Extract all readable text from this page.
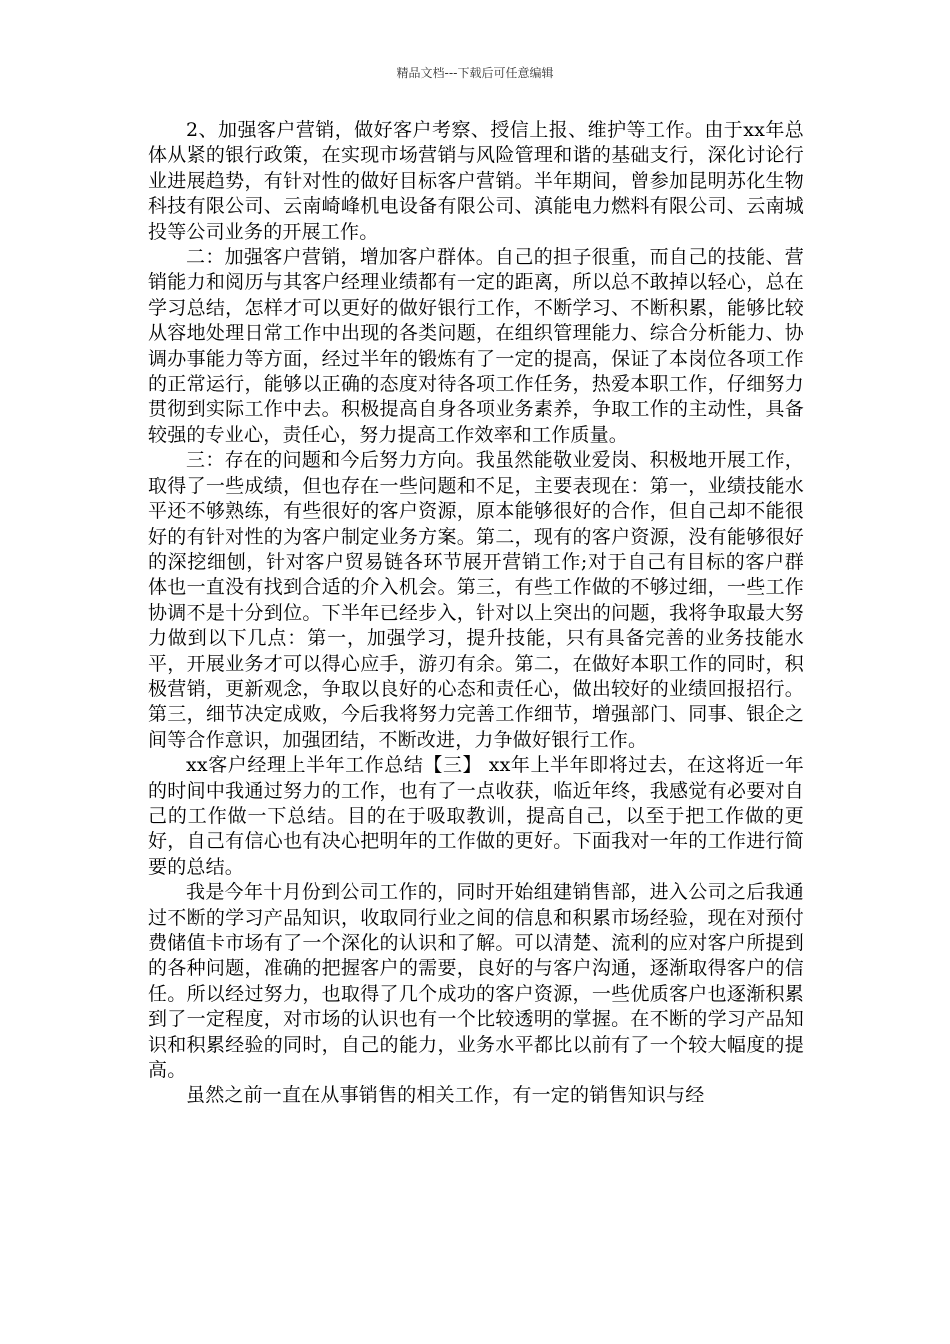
精品文档---下载后可任意编辑

2、加强客户营销，做好客户考察、授信上报、维护等工作。由于xx年总体从紧的银行政策，在实现市场营销与风险管理和谐的基础支行，深化讨论行业进展趋势，有针对性的做好目标客户营销。半年期间，曾参加昆明苏化生物科技有限公司、云南崎峰机电设备有限公司、滇能电力燃料有限公司、云南城投等公司业务的开展工作。

二：加强客户营销，增加客户群体。自己的担子很重，而自己的技能、营销能力和阅历与其客户经理业绩都有一定的距离，所以总不敢掉以轻心，总在学习总结，怎样才可以更好的做好银行工作，不断学习、不断积累，能够比较从容地处理日常工作中出现的各类问题，在组织管理能力、综合分析能力、协调办事能力等方面，经过半年的锻炼有了一定的提高，保证了本岗位各项工作的正常运行，能够以正确的态度对待各项工作任务，热爱本职工作，仔细努力贯彻到实际工作中去。积极提高自身各项业务素养，争取工作的主动性，具备较强的专业心，责任心，努力提高工作效率和工作质量。

三：存在的问题和今后努力方向。我虽然能敬业爱岗、积极地开展工作，取得了一些成绩，但也存在一些问题和不足，主要表现在：第一，业绩技能水平还不够熟练，有些很好的客户资源，原本能够很好的合作，但自己却不能很好的有针对性的为客户制定业务方案。第二，现有的客户资源，没有能够很好的深挖细刨，针对客户贸易链各环节展开营销工作;对于自己有目标的客户群体也一直没有找到合适的介入机会。第三，有些工作做的不够过细，一些工作协调不是十分到位。下半年已经步入，针对以上突出的问题，我将争取最大努力做到以下几点：第一，加强学习，提升技能，只有具备完善的业务技能水平，开展业务才可以得心应手，游刃有余。第二，在做好本职工作的同时，积极营销，更新观念，争取以良好的心态和责任心，做出较好的业绩回报招行。第三，细节决定成败，今后我将努力完善工作细节，增强部门、同事、银企之间等合作意识，加强团结，不断改进，力争做好银行工作。

xx客户经理上半年工作总结【三】 xx年上半年即将过去，在这将近一年的时间中我通过努力的工作，也有了一点收获，临近年终，我感觉有必要对自己的工作做一下总结。目的在于吸取教训，提高自己，以至于把工作做的更好，自己有信心也有决心把明年的工作做的更好。下面我对一年的工作进行简要的总结。

我是今年十月份到公司工作的，同时开始组建销售部，进入公司之后我通过不断的学习产品知识，收取同行业之间的信息和积累市场经验，现在对预付费储值卡市场有了一个深化的认识和了解。可以清楚、流利的应对客户所提到的各种问题，准确的把握客户的需要，良好的与客户沟通，逐渐取得客户的信任。所以经过努力，也取得了几个成功的客户资源，一些优质客户也逐渐积累到了一定程度，对市场的认识也有一个比较透明的掌握。在不断的学习产品知识和积累经验的同时，自己的能力，业务水平都比以前有了一个较大幅度的提高。

虽然之前一直在从事销售的相关工作，有一定的销售知识与经
